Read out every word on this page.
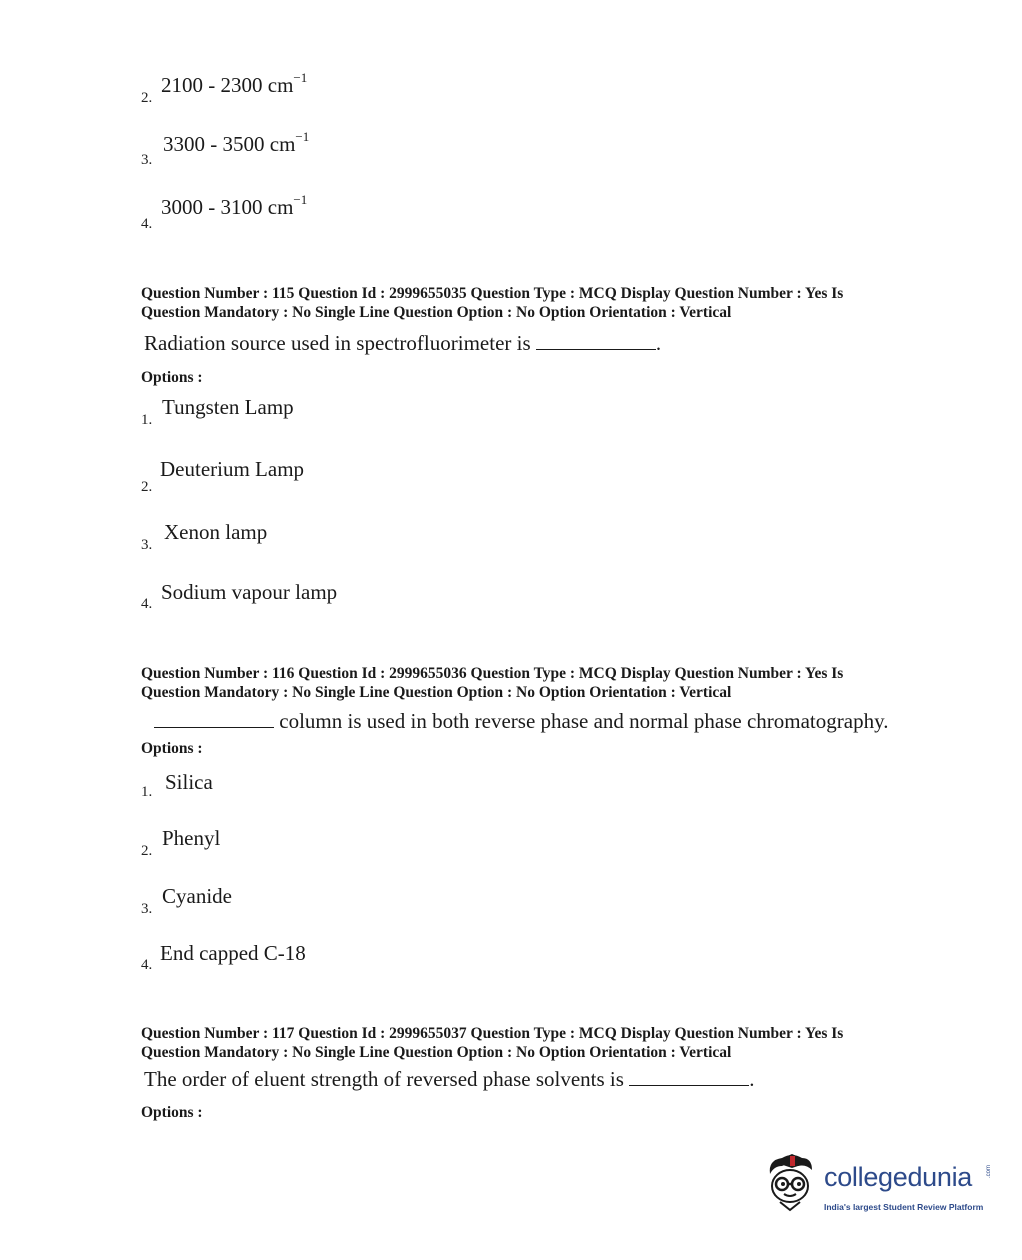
2.
2100 - 2300 $cm^{-1}$
3.
3300 - 3500 $cm^{-1}$
4.
3000 - 3100 $cm^{-1}$
Question Number : 115 Question Id : 2999655035 Question Type : MCQ Display Question Number : Yes Is
Question Mandatory : No Single Line Question Option : No Option Orientation : Vertical
Radiation source used in spectrofluorimeter is	.
Options :
1.
Tungsten Lamp
2.
Deuterium Lamp
3.
Xenon lamp
4. Sodium vapour lamp
Question Number : 116 Question Id : 2999655036 Question Type : MCQ Display Question Number : Yes Is
Question Mandatory : No Single Line Question Option : No Option Orientation : Vertical
column is used in both reverse phase and normal phase chromatography.
Options :
1. Silica
2.
Phenyl
3.
Cyanide
4. End capped C-18
Question Number : 117 Question Id : 2999655037 Question Type : MCQ Display Question Number : Yes Is
Question Mandatory : No Single Line Question Option : No Option Orientation : Vertical
The order of eluent strength of reversed phase solvents is	.
Options :
collegedunia .com
India's largest Student Review Platform
